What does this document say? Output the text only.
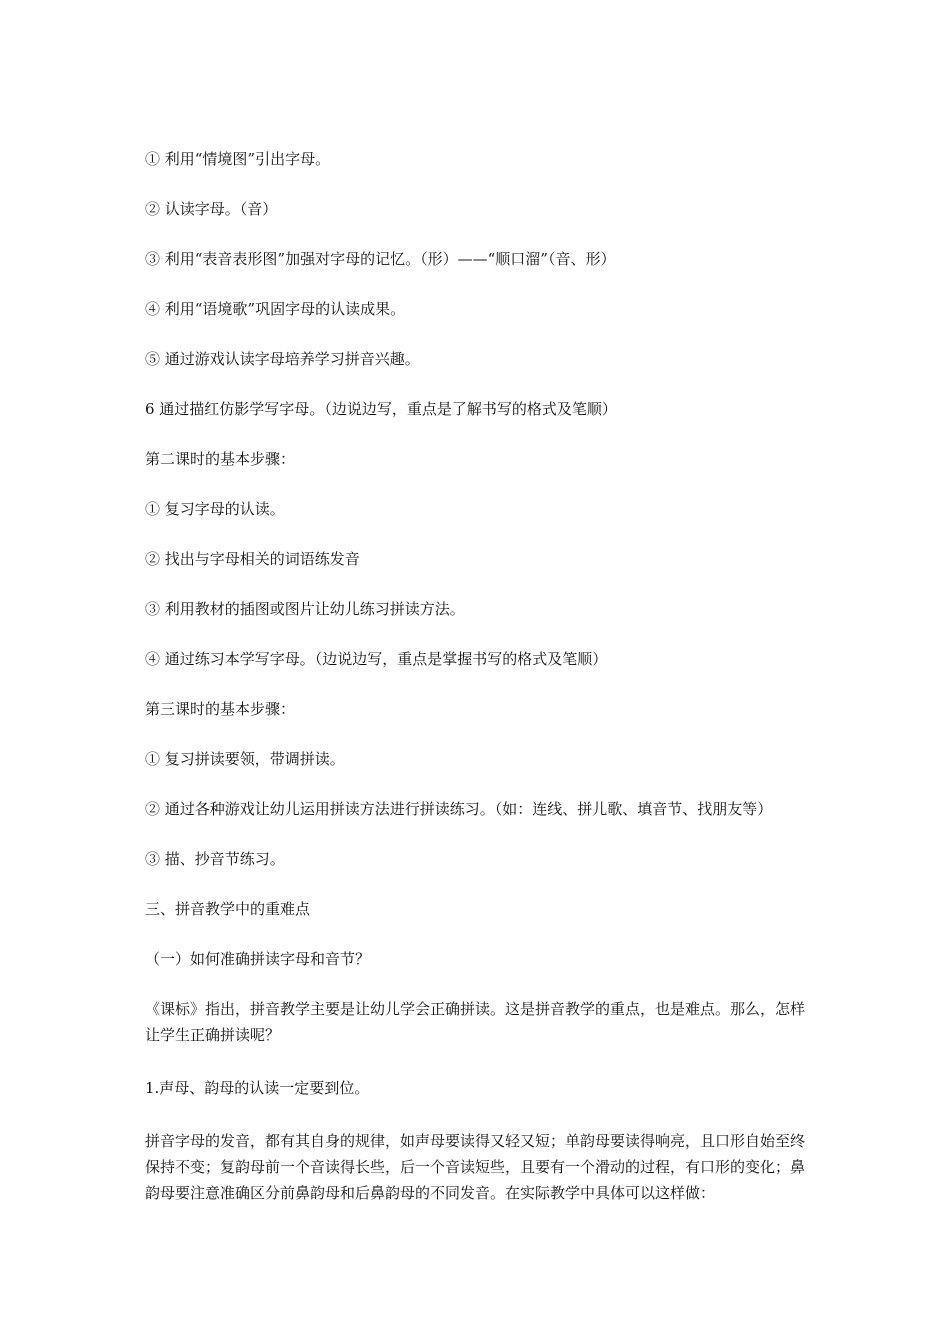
① 利用“情境图”引出字母。

② 认读字母。（音）

③ 利用“表音表形图”加强对字母的记忆。（形）——“顺口溜”（音、形）

④ 利用“语境歌”巩固字母的认读成果。

⑤ 通过游戏认读字母培养学习拼音兴趣。

6 通过描红仿影学写字母。（边说边写，重点是了解书写的格式及笔顺）

第二课时的基本步骤：

① 复习字母的认读。

② 找出与字母相关的词语练发音

③ 利用教材的插图或图片让幼儿练习拼读方法。

④ 通过练习本学写字母。（边说边写，重点是掌握书写的格式及笔顺）

第三课时的基本步骤：

① 复习拼读要领，带调拼读。

② 通过各种游戏让幼儿运用拼读方法进行拼读练习。（如：连线、拼儿歌、填音节、找朋友等）

③ 描、抄音节练习。

三、拼音教学中的重难点

（一）如何准确拼读字母和音节？

《课标》指出，拼音教学主要是让幼儿学会正确拼读。这是拼音教学的重点，也是难点。那么，怎样让学生正确拼读呢？

1.声母、韵母的认读一定要到位。

拼音字母的发音，都有其自身的规律，如声母要读得又轻又短；单韵母要读得响亮，且口形自始至终保持不变；复韵母前一个音读得长些，后一个音读短些，且要有一个滑动的过程，有口形的变化；鼻韵母要注意准确区分前鼻韵母和后鼻韵母的不同发音。在实际教学中具体可以这样做：
